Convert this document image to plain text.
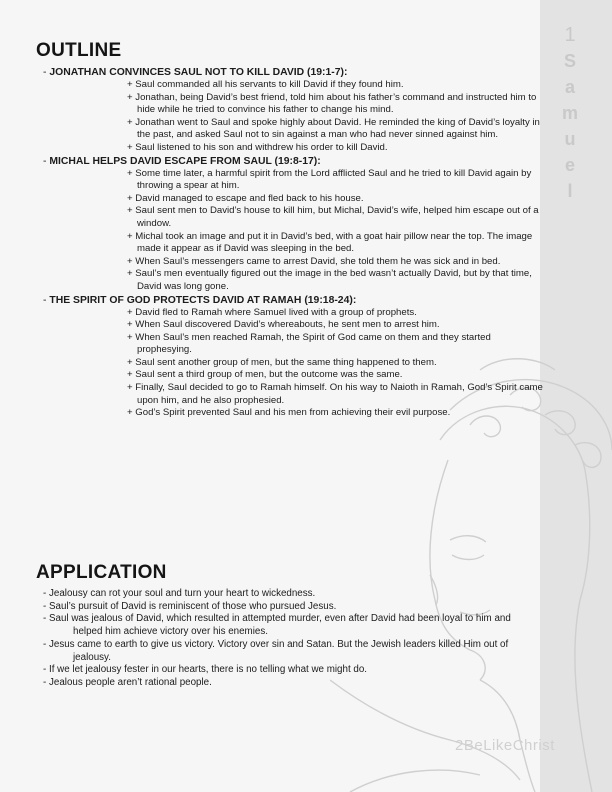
1
S
a
m
u
e
l
OUTLINE
- JONATHAN CONVINCES SAUL NOT TO KILL DAVID (19:1-7):
+ Saul commanded all his servants to kill David if they found him.
+ Jonathan, being David’s best friend, told him about his father’s command and instructed him to hide while he tried to convince his father to change his mind.
+ Jonathan went to Saul and spoke highly about David. He reminded the king of David’s loyalty in the past, and asked Saul not to sin against a man who had never sinned against him.
+ Saul listened to his son and withdrew his order to kill David.
- MICHAL HELPS DAVID ESCAPE FROM SAUL (19:8-17):
+ Some time later, a harmful spirit from the Lord afflicted Saul and he tried to kill David again by throwing a spear at him.
+ David managed to escape and fled back to his house.
+ Saul sent men to David’s house to kill him, but Michal, David’s wife, helped him escape out of a window.
+ Michal took an image and put it in David’s bed, with a goat hair pillow near the top. The image made it appear as if David was sleeping in the bed.
+ When Saul’s messengers came to arrest David, she told them he was sick and in bed.
+ Saul’s men eventually figured out the image in the bed wasn’t actually David, but by that time, David was long gone.
- THE SPIRIT OF GOD PROTECTS DAVID AT RAMAH (19:18-24):
+ David fled to Ramah where Samuel lived with a group of prophets.
+ When Saul discovered David’s whereabouts, he sent men to arrest him.
+ When Saul’s men reached Ramah, the Spirit of God came on them and they started prophesying.
+ Saul sent another group of men, but the same thing happened to them.
+ Saul sent a third group of men, but the outcome was the same.
+ Finally, Saul decided to go to Ramah himself. On his way to Naioth in Ramah, God’s Spirit came upon him, and he also prophesied.
+ God’s Spirit prevented Saul and his men from achieving their evil purpose.
APPLICATION
- Jealousy can rot your soul and turn your heart to wickedness.
- Saul’s pursuit of David is reminiscent of those who pursued Jesus.
- Saul was jealous of David, which resulted in attempted murder, even after David had been loyal to him and helped him achieve victory over his enemies.
- Jesus came to earth to give us victory. Victory over sin and Satan. But the Jewish leaders killed Him out of jealousy.
- If we let jealousy fester in our hearts, there is no telling what we might do.
- Jealous people aren’t rational people.
2BeLikeChrist
